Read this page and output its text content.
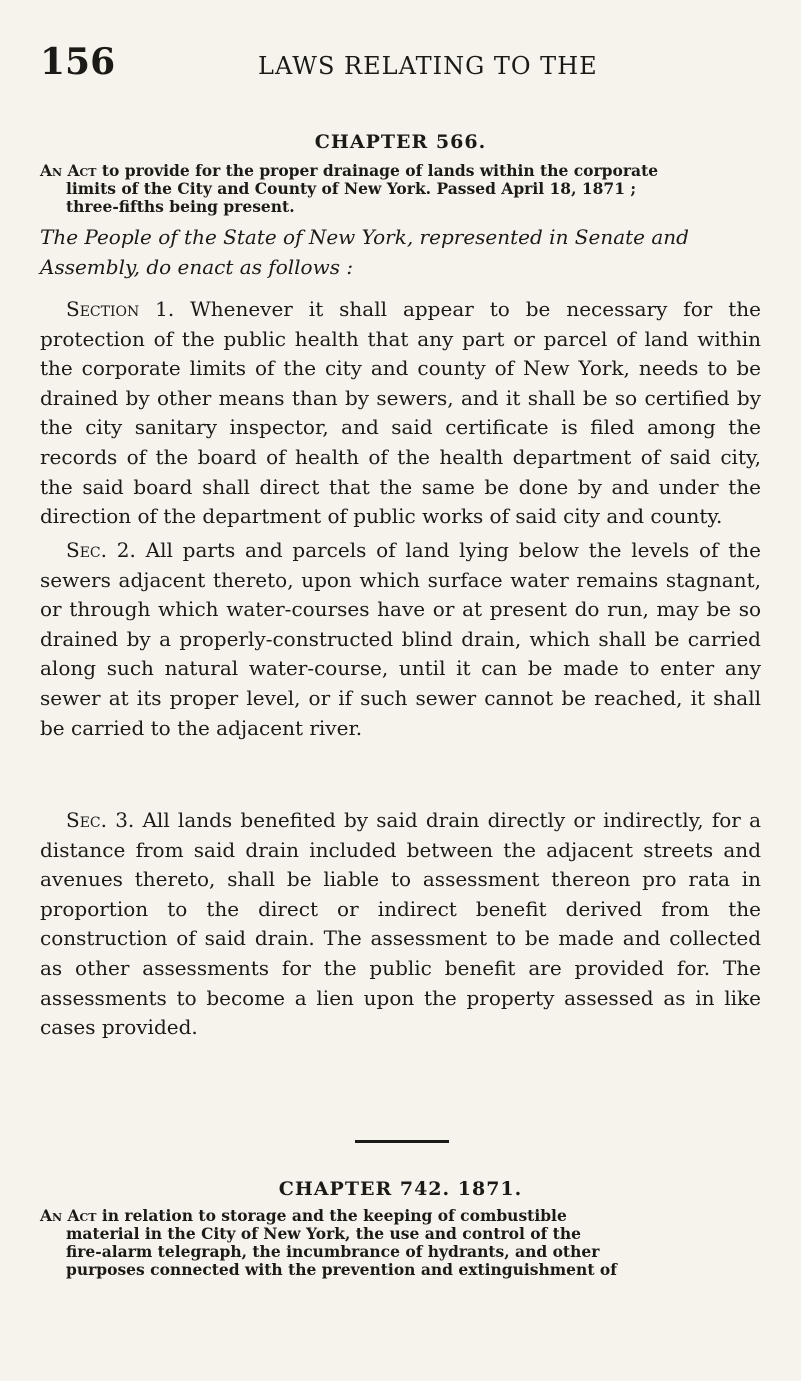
156	LAWS RELATING TO THE
CHAPTER 566.
An Act to provide for the proper drainage of lands within the corporate
limits of the City and County of New York. Passed April 18, 1871 ;
three-fifths being present.
The People of the State of New York, represented in Senate and Assembly, do enact as follows :
Section 1. Whenever it shall appear to be necessary for the protection of the public health that any part or parcel of land within the corporate limits of the city and county of New York, needs to be drained by other means than by sewers, and it shall be so certified by the city sanitary inspector, and said certificate is filed among the records of the board of health of the health department of said city, the said board shall direct that the same be done by and under the direction of the department of public works of said city and county.
Sec. 2. All parts and parcels of land lying below the levels of the sewers adjacent thereto, upon which surface water remains stagnant, or through which water-courses have or at present do run, may be so drained by a properly-constructed blind drain, which shall be carried along such natural water-course, until it can be made to enter any sewer at its proper level, or if such sewer cannot be reached, it shall be carried to the adjacent river.
Sec. 3. All lands benefited by said drain directly or indirectly, for a distance from said drain included between the adjacent streets and avenues thereto, shall be liable to assessment thereon pro rata in proportion to the direct or indirect benefit derived from the construction of said drain. The assessment to be made and collected as other assessments for the public benefit are provided for. The assessments to become a lien upon the property assessed as in like cases provided.
CHAPTER 742. 1871.
An Act in relation to storage and the keeping of combustible
material in the City of New York, the use and control of the
fire-alarm telegraph, the incumbrance of hydrants, and other
purposes connected with the prevention and extinguishment of
